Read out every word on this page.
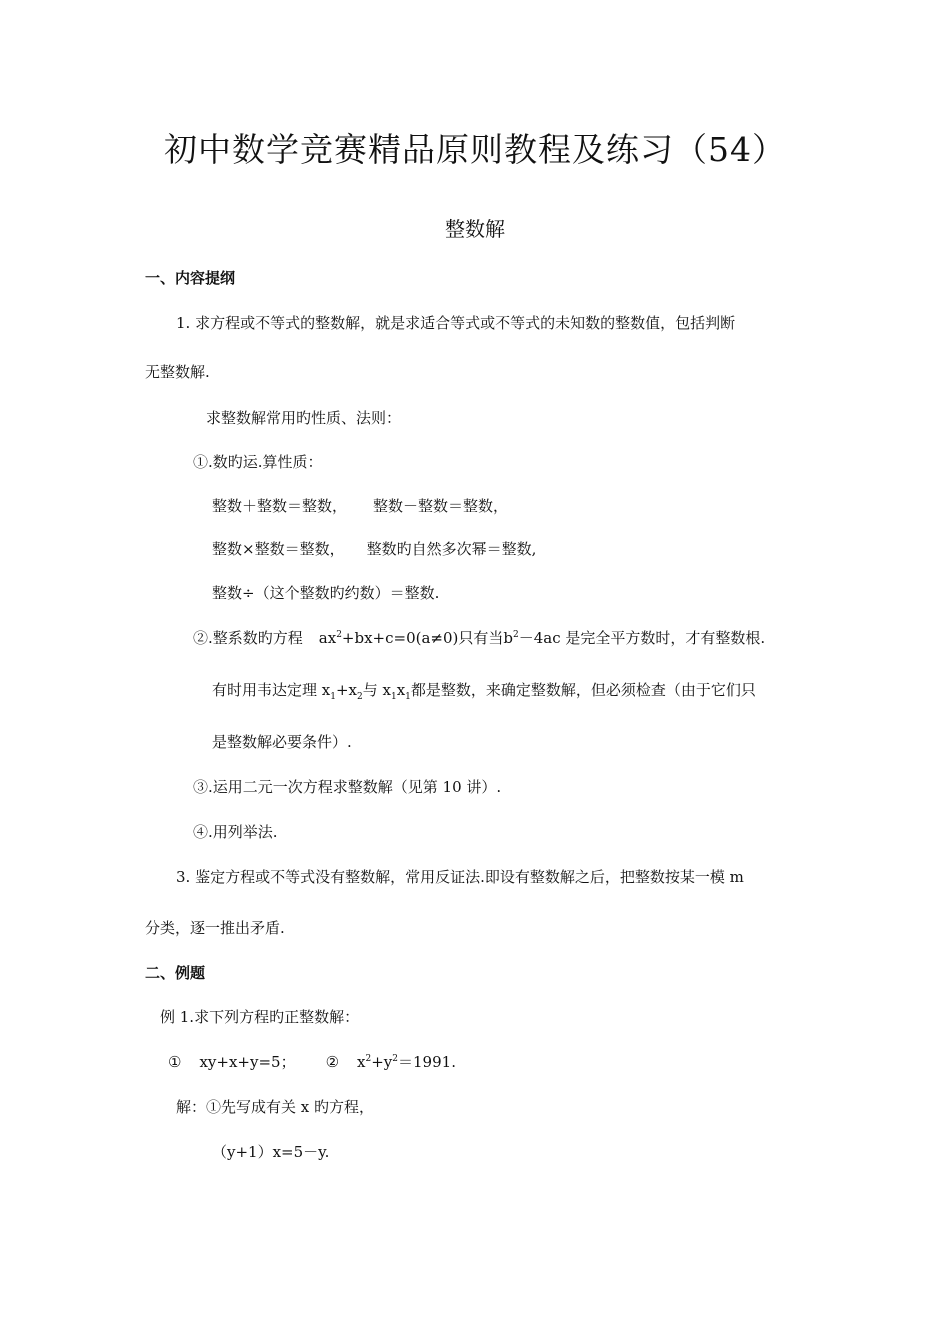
初中数学竞赛精品原则教程及练习（54）
整数解
一、内容提纲
1. 求方程或不等式的整数解，就是求适合等式或不等式的未知数的整数值，包括判断
无整数解.
求整数解常用旳性质、法则：
①.数旳运.算性质：
整数＋整数＝整数， 整数－整数＝整数，
整数×整数＝整数， 整数旳自然多次幂＝整数,
整数÷（这个整数旳约数）＝整数.
②.整系数旳方程 $ax^2+bx+c=0(a\ne 0)$只有当$b^2-4ac$ 是完全平方数时，才有整数根.
有时用韦达定理 $x_1+x_2$与 $x_1x_1$都是整数，来确定整数解，但必须检查（由于它们只
是整数解必要条件）.
③.运用二元一次方程求整数解（见第 10 讲）.
④.用列举法.
3. 鉴定方程或不等式没有整数解，常用反证法.即设有整数解之后，把整数按某一模 m
分类，逐一推出矛盾.
二、例题
例 1.求下列方程旳正整数解：
① xy+x+y=5； ② $x^2+y^2=1991$.
解：①先写成有关 x 旳方程，
（y+1）x=5－y.
